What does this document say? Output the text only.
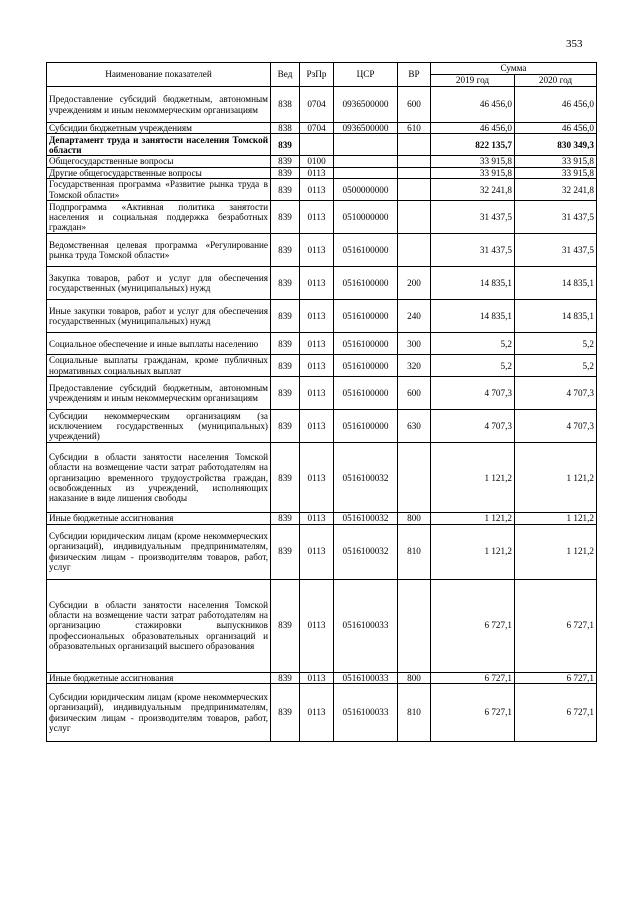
353
Наименование показателей	Вед	РзПр	ЦСР	ВР	Сумма	
					2019 год	2020 год
Предоставление субсидий бюджетным, автономным учреждениям и иным некоммерческим организациям	838	0704	0936500000	600	46 456,0	46 456,0
Субсидии бюджетным учреждениям	838	0704	0936500000	610	46 456,0	46 456,0
Департамент труда и занятости населения Томской области	839				822 135,7	830 349,3
Общегосударственные вопросы	839	0100			33 915,8	33 915,8
Другие общегосударственные вопросы	839	0113			33 915,8	33 915,8
Государственная программа «Развитие рынка труда в Томской области»	839	0113	0500000000		32 241,8	32 241,8
Подпрограмма «Активная политика занятости населения и социальная поддержка безработных граждан»	839	0113	0510000000		31 437,5	31 437,5
Ведомственная целевая программа «Регулирование рынка труда Томской области»	839	0113	0516100000		31 437,5	31 437,5
Закупка товаров, работ и услуг для обеспечения государственных (муниципальных) нужд	839	0113	0516100000	200	14 835,1	14 835,1
Иные закупки товаров, работ и услуг для обеспечения государственных (муниципальных) нужд	839	0113	0516100000	240	14 835,1	14 835,1
Социальное обеспечение и иные выплаты населению	839	0113	0516100000	300	5,2	5,2
Социальные выплаты гражданам, кроме публичных нормативных социальных выплат	839	0113	0516100000	320	5,2	5,2
Предоставление субсидий бюджетным, автономным учреждениям и иным некоммерческим организациям	839	0113	0516100000	600	4 707,3	4 707,3
Субсидии некоммерческим организациям (за исключением государственных (муниципальных) учреждений)	839	0113	0516100000	630	4 707,3	4 707,3
Субсидии в области занятости населения Томской области на возмещение части затрат работодателям на организацию временного трудоустройства граждан, освобожденных из учреждений, исполняющих наказание в виде лишения свободы	839	0113	0516100032		1 121,2	1 121,2
Иные бюджетные ассигнования	839	0113	0516100032	800	1 121,2	1 121,2
Субсидии юридическим лицам (кроме некоммерческих организаций), индивидуальным предпринимателям, физическим лицам - производителям товаров, работ, услуг	839	0113	0516100032	810	1 121,2	1 121,2
Субсидии в области занятости населения Томской области на возмещение части затрат работодателям на организацию стажировки выпускников профессиональных образовательных организаций и образовательных организаций высшего образования	839	0113	0516100033		6 727,1	6 727,1
Иные бюджетные ассигнования	839	0113	0516100033	800	6 727,1	6 727,1
Субсидии юридическим лицам (кроме некоммерческих организаций), индивидуальным предпринимателям, физическим лицам - производителям товаров, работ, услуг	839	0113	0516100033	810	6 727,1	6 727,1
